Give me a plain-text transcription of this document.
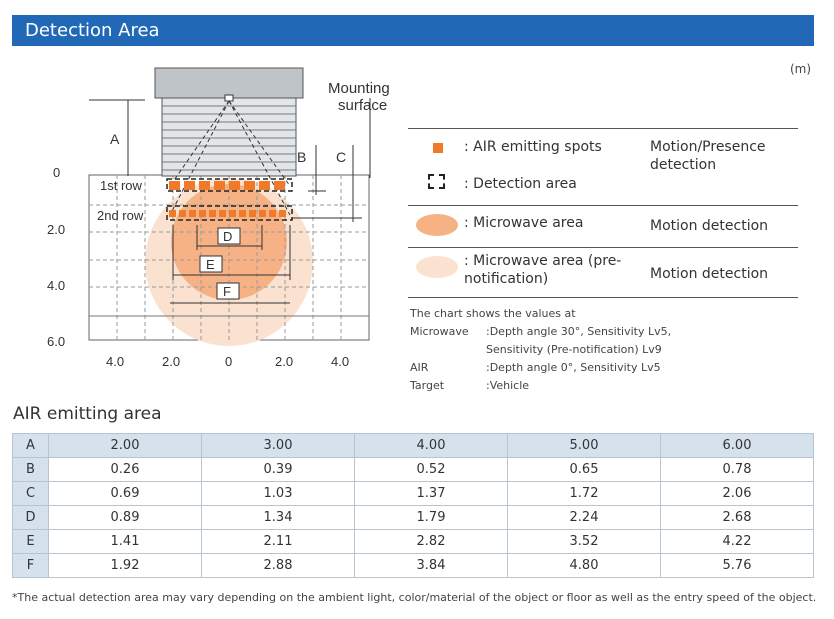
Detection Area
(m)
A
B C
D
E
F
Mounting
surface
1st row
2nd row
0
2.0
4.0
6.0
4.0	2.0	0	2.0	4.0
: AIR emitting spots	Motion/Presence detection
: Detection area
: Microwave area	Motion detection
: Microwave area (pre-notification)	Motion detection
The chart shows the values at
Microwave :Depth angle 30°, Sensitivity Lv5,
Sensitivity (Pre-notification) Lv9
AIR	:Depth angle 0°, Sensitivity Lv5
Target	:Vehicle
AIR emitting area
A	2.00	3.00	4.00	5.00	6.00
B	0.26	0.39	0.52	0.65	0.78
C	0.69	1.03	1.37	1.72	2.06
D	0.89	1.34	1.79	2.24	2.68
E	1.41	2.11	2.82	3.52	4.22
F	1.92	2.88	3.84	4.80	5.76
*The actual detection area may vary depending on the ambient light, color/material of the object or floor as well as the entry speed of the object.
